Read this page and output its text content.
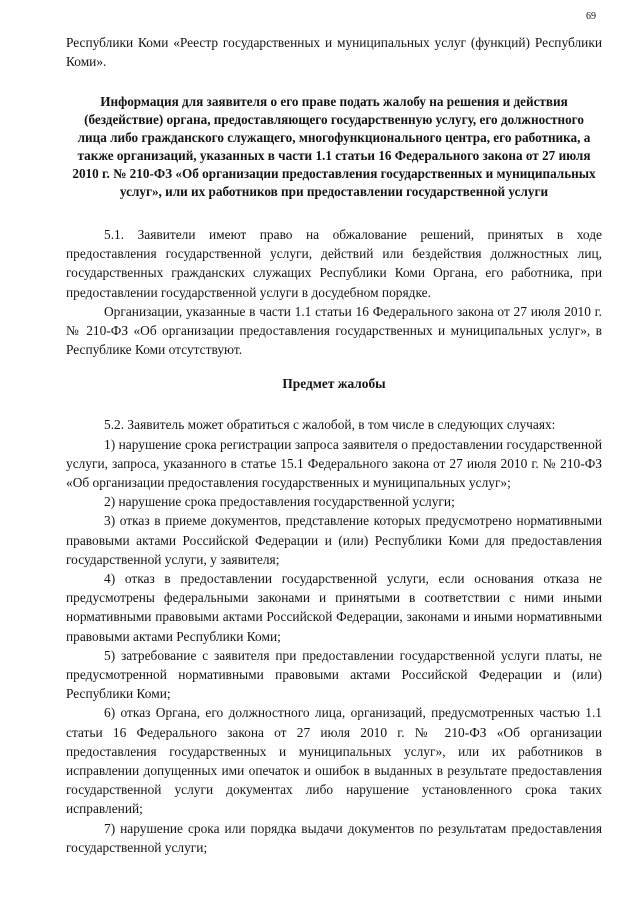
69

Республики Коми «Реестр государственных и муниципальных услуг (функций) Республики Коми».

Информация для заявителя о его праве подать жалобу на решения и действия (бездействие) органа, предоставляющего государственную услугу, его должностного лица либо гражданского служащего, многофункционального центра, его работника, а также организаций, указанных в части 1.1 статьи 16 Федерального закона от 27 июля 2010 г. № 210-ФЗ «Об организации предоставления государственных и муниципальных услуг», или их работников при предоставлении государственной услуги

5.1. Заявители имеют право на обжалование решений, принятых в ходе предоставления государственной услуги, действий или бездействия должностных лиц, государственных гражданских служащих Республики Коми Органа, его работника, при предоставлении государственной услуги в досудебном порядке.

Организации, указанные в части 1.1 статьи 16 Федерального закона от 27 июля 2010 г. № 210-ФЗ «Об организации предоставления государственных и муниципальных услуг», в Республике Коми отсутствуют.

Предмет жалобы

5.2. Заявитель может обратиться с жалобой, в том числе в следующих случаях:

1) нарушение срока регистрации запроса заявителя о предоставлении государственной услуги, запроса, указанного в статье 15.1 Федерального закона от 27 июля 2010 г. № 210-ФЗ «Об организации предоставления государственных и муниципальных услуг»;

2) нарушение срока предоставления государственной услуги;

3) отказ в приеме документов, представление которых предусмотрено нормативными правовыми актами Российской Федерации и (или) Республики Коми для предоставления государственной услуги, у заявителя;

4) отказ в предоставлении государственной услуги, если основания отказа не предусмотрены федеральными законами и принятыми в соответствии с ними иными нормативными правовыми актами Российской Федерации, законами и иными нормативными правовыми актами Республики Коми;

5) затребование с заявителя при предоставлении государственной услуги платы, не предусмотренной нормативными правовыми актами Российской Федерации и (или) Республики Коми;

6) отказ Органа, его должностного лица, организаций, предусмотренных частью 1.1 статьи 16 Федерального закона от 27 июля 2010 г. № 210-ФЗ «Об организации предоставления государственных и муниципальных услуг», или их работников в исправлении допущенных ими опечаток и ошибок в выданных в результате предоставления государственной услуги документах либо нарушение установленного срока таких исправлений;

7) нарушение срока или порядка выдачи документов по результатам предоставления государственной услуги;
